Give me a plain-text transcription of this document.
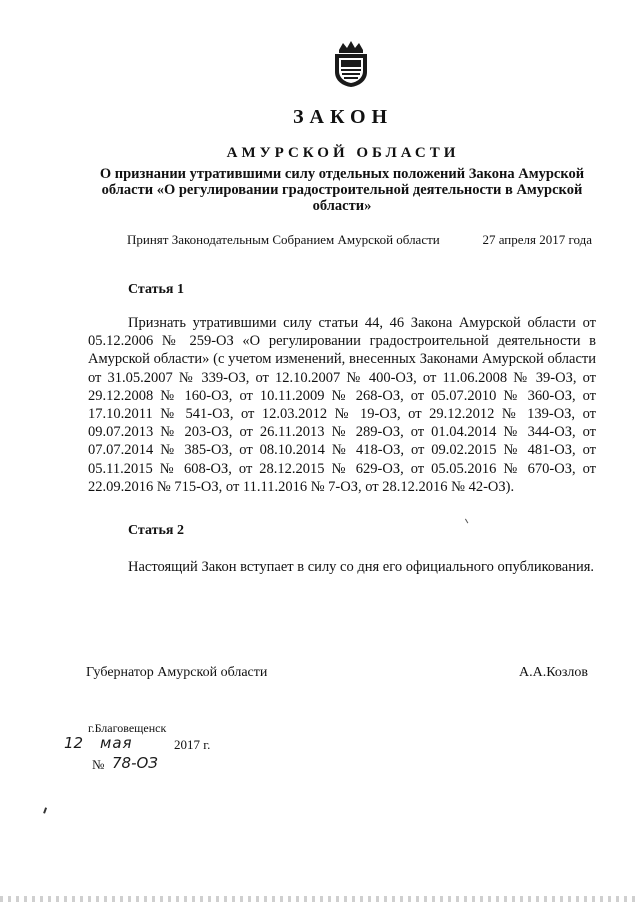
ЗАКОН
АМУРСКОЙ ОБЛАСТИ
О признании утратившими силу отдельных положений Закона Амурской области «О регулировании градостроительной деятельности в Амурской области»
Принят Законодательным Собранием Амурской области	27 апреля 2017 года
Статья 1
Признать утратившими силу статьи 44, 46 Закона Амурской области от 05.12.2006 № 259-ОЗ «О регулировании градостроительной деятельности в Амурской области» (с учетом изменений, внесенных Законами Амурской области от 31.05.2007 № 339-ОЗ, от 12.10.2007 № 400-ОЗ, от 11.06.2008 № 39-ОЗ, от 29.12.2008 № 160-ОЗ, от 10.11.2009 № 268-ОЗ, от 05.07.2010 № 360-ОЗ, от 17.10.2011 № 541-ОЗ, от 12.03.2012 № 19-ОЗ, от 29.12.2012 № 139-ОЗ, от 09.07.2013 № 203-ОЗ, от 26.11.2013 № 289-ОЗ, от 01.04.2014 № 344-ОЗ, от 07.07.2014 № 385-ОЗ, от 08.10.2014 № 418-ОЗ, от 09.02.2015 № 481-ОЗ, от 05.11.2015 № 608-ОЗ, от 28.12.2015 № 629-ОЗ, от 05.05.2016 № 670-ОЗ, от 22.09.2016 № 715-ОЗ, от 11.11.2016 № 7-ОЗ, от 28.12.2016 № 42-ОЗ).
Статья 2
Настоящий Закон вступает в силу со дня его официального опубликования.
Губернатор Амурской области	А.А.Козлов
г.Благовещенск
12 мая	2017 г.
№ 78-ОЗ
